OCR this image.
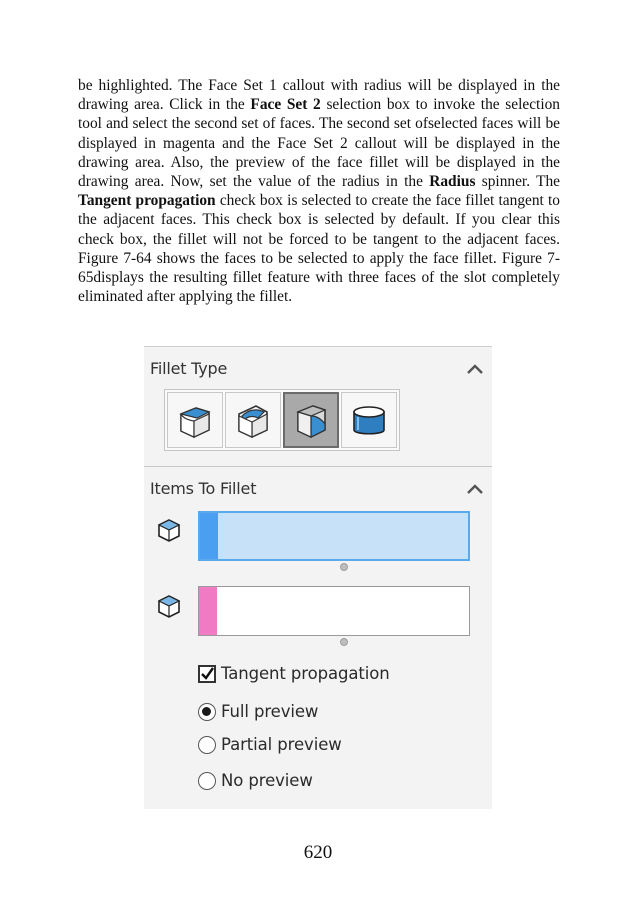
be highlighted. The Face Set 1 callout with radius will be displayed in the drawing area. Click in the Face Set 2 selection box to invoke the selection tool and select the second set of faces. The second set ofselected faces will be displayed in magenta and the Face Set 2 callout will be displayed in the drawing area. Also, the preview of the face fillet will be displayed in the drawing area. Now, set the value of the radius in the Radius spinner. The Tangent propagation check box is selected to create the face fillet tangent to the adjacent faces. This check box is selected by default. If you clear this check box, the fillet will not be forced to be tangent to the adjacent faces. Figure 7-64 shows the faces to be selected to apply the face fillet. Figure 7-65displays the resulting fillet feature with three faces of the slot completely eliminated after applying the fillet.

Fillet Type
Items To Fillet
Tangent propagation
Full preview
Partial preview
No preview
620
